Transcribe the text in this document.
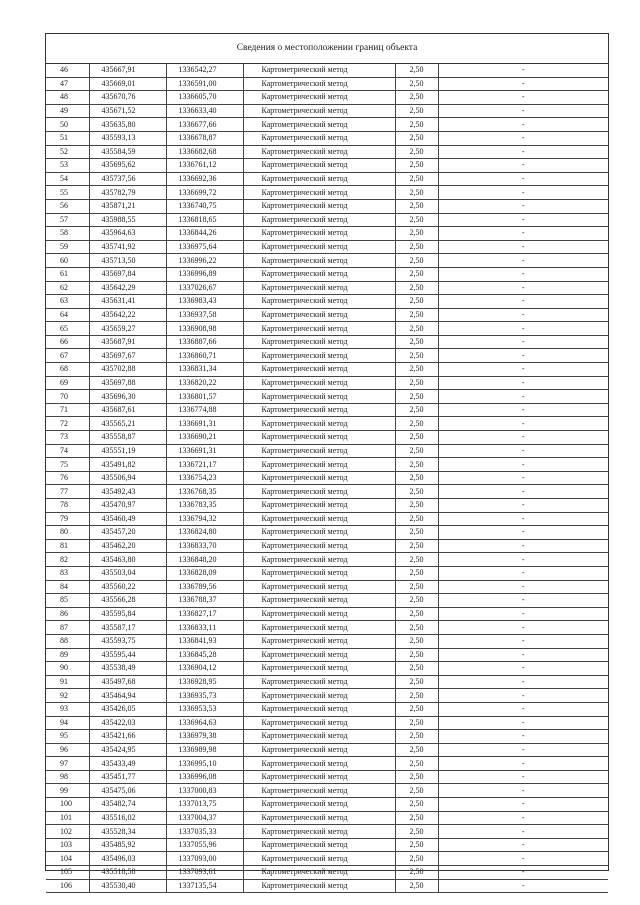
Сведения о местоположении границ объекта
46	435667,91	1336542,27	Картометрический метод	2,50	-
47	435669,01	1336591,00	Картометрический метод	2,50	-
48	435670,76	1336605,70	Картометрический метод	2,50	-
49	435671,52	1336633,40	Картометрический метод	2,50	-
50	435635,80	1336677,66	Картометрический метод	2,50	-
51	435593,13	1336678,87	Картометрический метод	2,50	-
52	435584,59	1336682,68	Картометрический метод	2,50	-
53	435695,62	1336761,12	Картометрический метод	2,50	-
54	435737,56	1336692,36	Картометрический метод	2,50	-
55	435782,79	1336699,72	Картометрический метод	2,50	-
56	435871,21	1336740,75	Картометрический метод	2,50	-
57	435988,55	1336818,65	Картометрический метод	2,50	-
58	435964,63	1336844,26	Картометрический метод	2,50	-
59	435741,92	1336975,64	Картометрический метод	2,50	-
60	435713,50	1336996,22	Картометрический метод	2,50	-
61	435697,84	1336996,89	Картометрический метод	2,50	-
62	435642,29	1337026,67	Картометрический метод	2,50	-
63	435631,41	1336983,43	Картометрический метод	2,50	-
64	435642,22	1336937,58	Картометрический метод	2,50	-
65	435659,27	1336908,98	Картометрический метод	2,50	-
66	435687,91	1336887,66	Картометрический метод	2,50	-
67	435697,67	1336860,71	Картометрический метод	2,50	-
68	435702,88	1336831,34	Картометрический метод	2,50	-
69	435697,88	1336820,22	Картометрический метод	2,50	-
70	435696,30	1336801,57	Картометрический метод	2,50	-
71	435687,61	1336774,88	Картометрический метод	2,50	-
72	435565,21	1336691,31	Картометрический метод	2,50	-
73	435558,87	1336690,21	Картометрический метод	2,50	-
74	435551,19	1336691,31	Картометрический метод	2,50	-
75	435491,82	1336721,17	Картометрический метод	2,50	-
76	435506,94	1336754,23	Картометрический метод	2,50	-
77	435492,43	1336768,35	Картометрический метод	2,50	-
78	435470,97	1336783,35	Картометрический метод	2,50	-
79	435460,49	1336794,32	Картометрический метод	2,50	-
80	435457,20	1336824,80	Картометрический метод	2,50	-
81	435462,20	1336833,70	Картометрический метод	2,50	-
82	435463,80	1336848,20	Картометрический метод	2,50	-
83	435503,04	1336828,09	Картометрический метод	2,50	-
84	435560,22	1336789,56	Картометрический метод	2,50	-
85	435566,28	1336788,37	Картометрический метод	2,50	-
86	435595,84	1336827,17	Картометрический метод	2,50	-
87	435587,17	1336833,11	Картометрический метод	2,50	-
88	435593,75	1336841,93	Картометрический метод	2,50	-
89	435595,44	1336845,28	Картометрический метод	2,50	-
90	435538,49	1336904,12	Картометрический метод	2,50	-
91	435497,68	1336928,95	Картометрический метод	2,50	-
92	435464,94	1336935,73	Картометрический метод	2,50	-
93	435426,05	1336953,53	Картометрический метод	2,50	-
94	435422,03	1336964,63	Картометрический метод	2,50	-
95	435421,66	1336979,38	Картометрический метод	2,50	-
96	435424,95	1336989,98	Картометрический метод	2,50	-
97	435433,49	1336995,10	Картометрический метод	2,50	-
98	435451,77	1336996,08	Картометрический метод	2,50	-
99	435475,06	1337000,83	Картометрический метод	2,50	-
100	435482,74	1337013,75	Картометрический метод	2,50	-
101	435516,02	1337004,37	Картометрический метод	2,50	-
102	435528,34	1337035,33	Картометрический метод	2,50	-
103	435485,92	1337055,96	Картометрический метод	2,50	-
104	435496,03	1337093,00	Картометрический метод	2,50	-
105	435518,58	1337093,61	Картометрический метод	2,50	-
106	435530,40	1337135,54	Картометрический метод	2,50	-
